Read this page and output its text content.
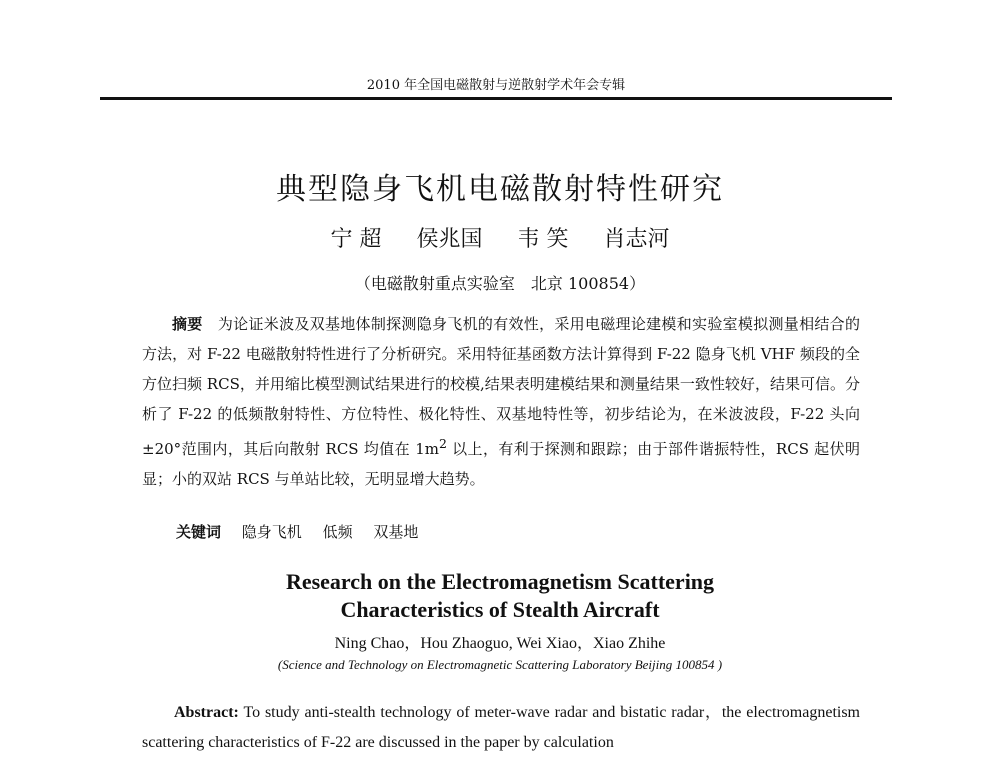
2010 年全国电磁散射与逆散射学术年会专辑
典型隐身飞机电磁散射特性研究
宁 超 侯兆国 韦 笑 肖志河
（电磁散射重点实验室　北京 100854）
摘要　 为论证米波及双基地体制探测隐身飞机的有效性，采用电磁理论建模和实验室模拟测量相结合的方法，对 F-22 电磁散射特性进行了分析研究。采用特征基函数方法计算得到 F-22 隐身飞机 VHF 频段的全方位扫频 RCS，并用缩比模型测试结果进行的校模,结果表明建模结果和测量结果一致性较好，结果可信。分析了 F-22 的低频散射特性、方位特性、极化特性、双基地特性等，初步结论为，在米波波段，F-22 头向±20°范围内，其后向散射 RCS 均值在 $1m^2$ 以上，有利于探测和跟踪；由于部件谐振特性，RCS 起伏明显；小的双站 RCS 与单站比较，无明显增大趋势。
关键词 隐身飞机 低频 双基地
Research on the Electromagnetism Scattering
Characteristics of Stealth Aircraft
Ning Chao，Hou Zhaoguo, Wei Xiao，Xiao Zhihe
(Science and Technology on Electromagnetic Scattering Laboratory Beijing 100854 )
Abstract: To study anti-stealth technology of meter-wave radar and bistatic radar，the electromagnetism scattering characteristics of F-22 are discussed in the paper by calculation
